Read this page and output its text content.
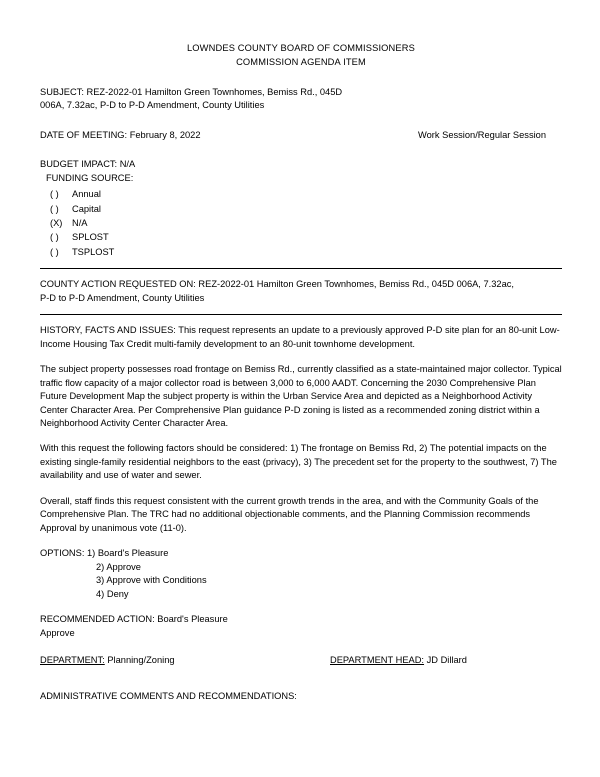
LOWNDES COUNTY BOARD OF COMMISSIONERS
COMMISSION AGENDA ITEM
SUBJECT: REZ-2022-01 Hamilton Green Townhomes, Bemiss Rd., 045D
006A, 7.32ac, P-D to P-D Amendment, County Utilities
DATE OF MEETING: February 8, 2022	Work Session/Regular Session
BUDGET IMPACT: N/A
FUNDING SOURCE:
( ) Annual
( ) Capital
(X) N/A
( ) SPLOST
( ) TSPLOST
COUNTY ACTION REQUESTED ON: REZ-2022-01 Hamilton Green Townhomes, Bemiss Rd., 045D 006A, 7.32ac,
P-D to P-D Amendment, County Utilities
HISTORY, FACTS AND ISSUES: This request represents an update to a previously approved P-D site plan for an 80-unit Low-Income Housing Tax Credit multi-family development to an 80-unit townhome development.
The subject property possesses road frontage on Bemiss Rd., currently classified as a state-maintained major collector. Typical traffic flow capacity of a major collector road is between 3,000 to 6,000 AADT. Concerning the 2030 Comprehensive Plan Future Development Map the subject property is within the Urban Service Area and depicted as a Neighborhood Activity Center Character Area. Per Comprehensive Plan guidance P-D zoning is listed as a recommended zoning district within a Neighborhood Activity Center Character Area.
With this request the following factors should be considered: 1) The frontage on Bemiss Rd, 2) The potential impacts on the existing single-family residential neighbors to the east (privacy), 3) The precedent set for the property to the southwest, 7) The availability and use of water and sewer.
Overall, staff finds this request consistent with the current growth trends in the area, and with the Community Goals of the Comprehensive Plan. The TRC had no additional objectionable comments, and the Planning Commission recommends Approval by unanimous vote (11-0).
OPTIONS: 1) Board's Pleasure
2) Approve
3) Approve with Conditions
4) Deny
RECOMMENDED ACTION: Board's Pleasure
Approve
DEPARTMENT: Planning/Zoning	DEPARTMENT HEAD: JD Dillard
ADMINISTRATIVE COMMENTS AND RECOMMENDATIONS:
